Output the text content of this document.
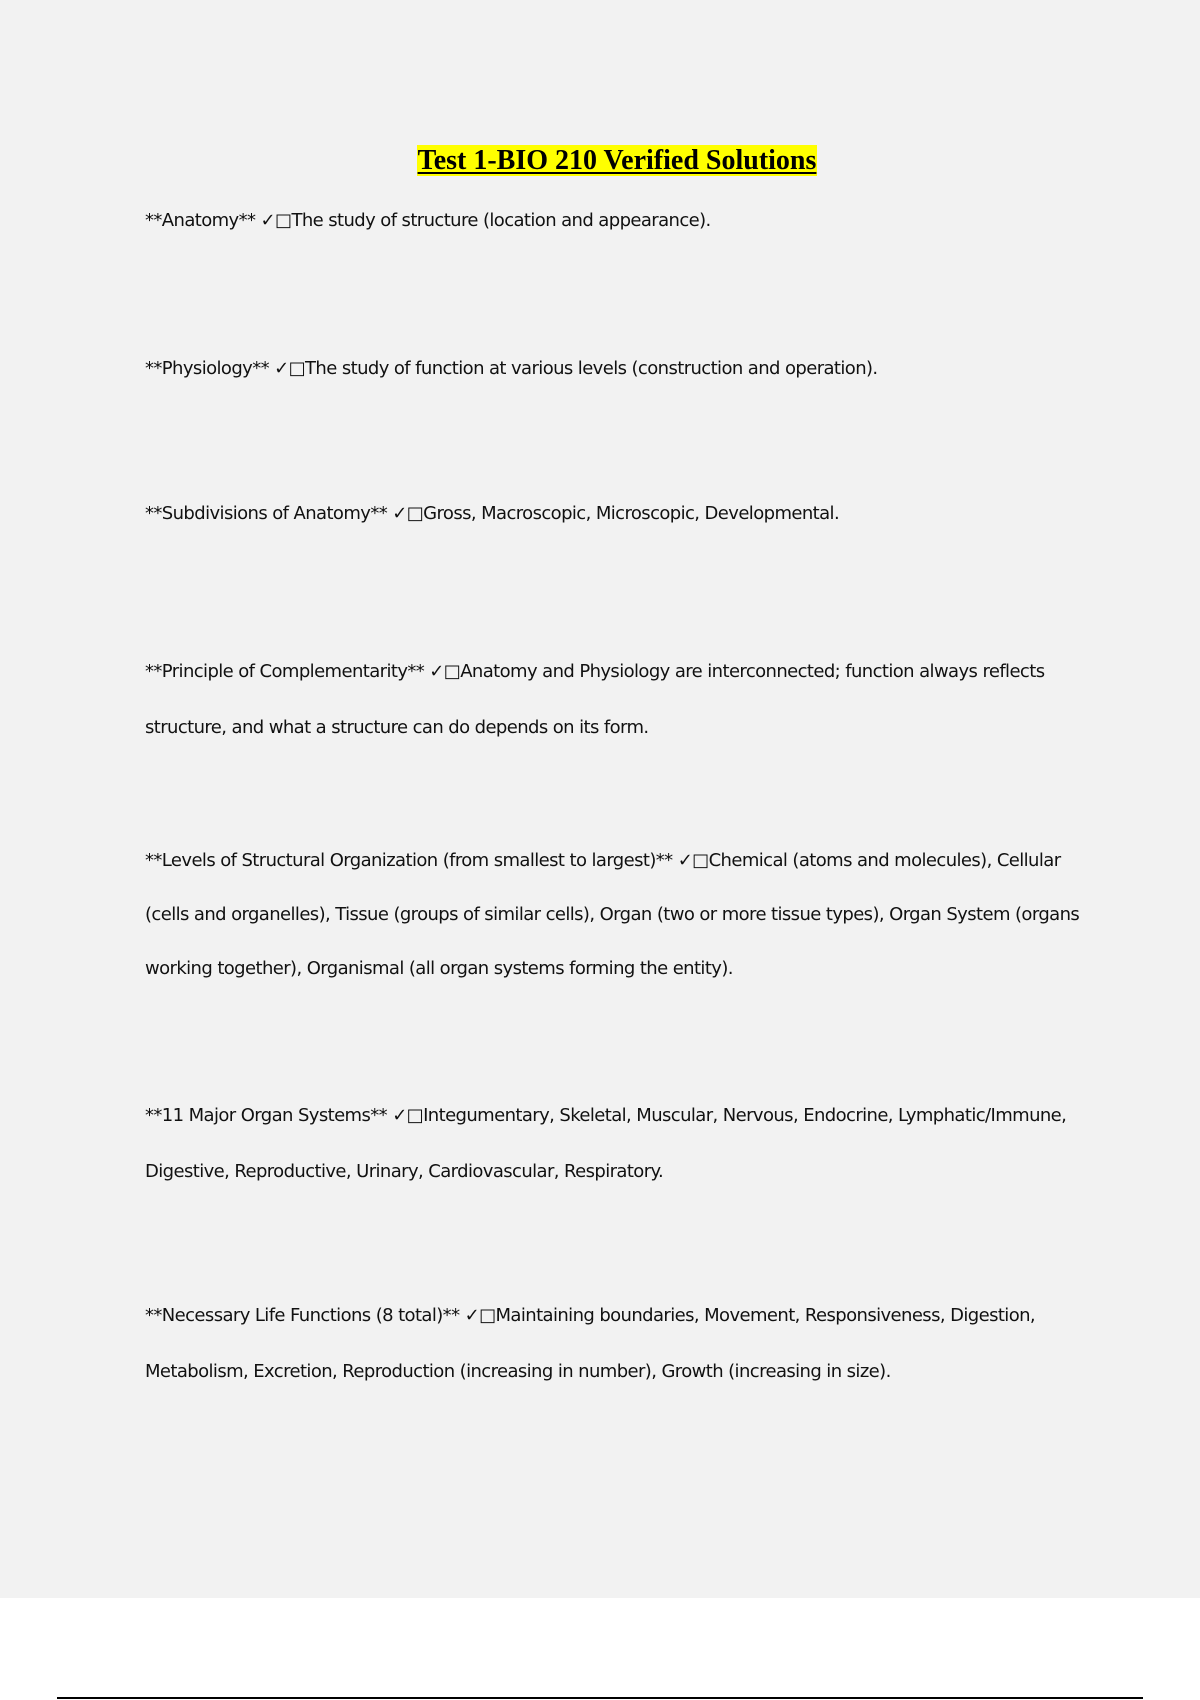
Test 1-BIO 210 Verified Solutions

**Anatomy** ✓□The study of structure (location and appearance).

**Physiology** ✓□The study of function at various levels (construction and operation).

**Subdivisions of Anatomy** ✓□Gross, Macroscopic, Microscopic, Developmental.

**Principle of Complementarity** ✓□Anatomy and Physiology are interconnected; function always reflects structure, and what a structure can do depends on its form.

**Levels of Structural Organization (from smallest to largest)** ✓□Chemical (atoms and molecules), Cellular (cells and organelles), Tissue (groups of similar cells), Organ (two or more tissue types), Organ System (organs working together), Organismal (all organ systems forming the entity).

**11 Major Organ Systems** ✓□Integumentary, Skeletal, Muscular, Nervous, Endocrine, Lymphatic/Immune, Digestive, Reproductive, Urinary, Cardiovascular, Respiratory.

**Necessary Life Functions (8 total)** ✓□Maintaining boundaries, Movement, Responsiveness, Digestion, Metabolism, Excretion, Reproduction (increasing in number), Growth (increasing in size).
